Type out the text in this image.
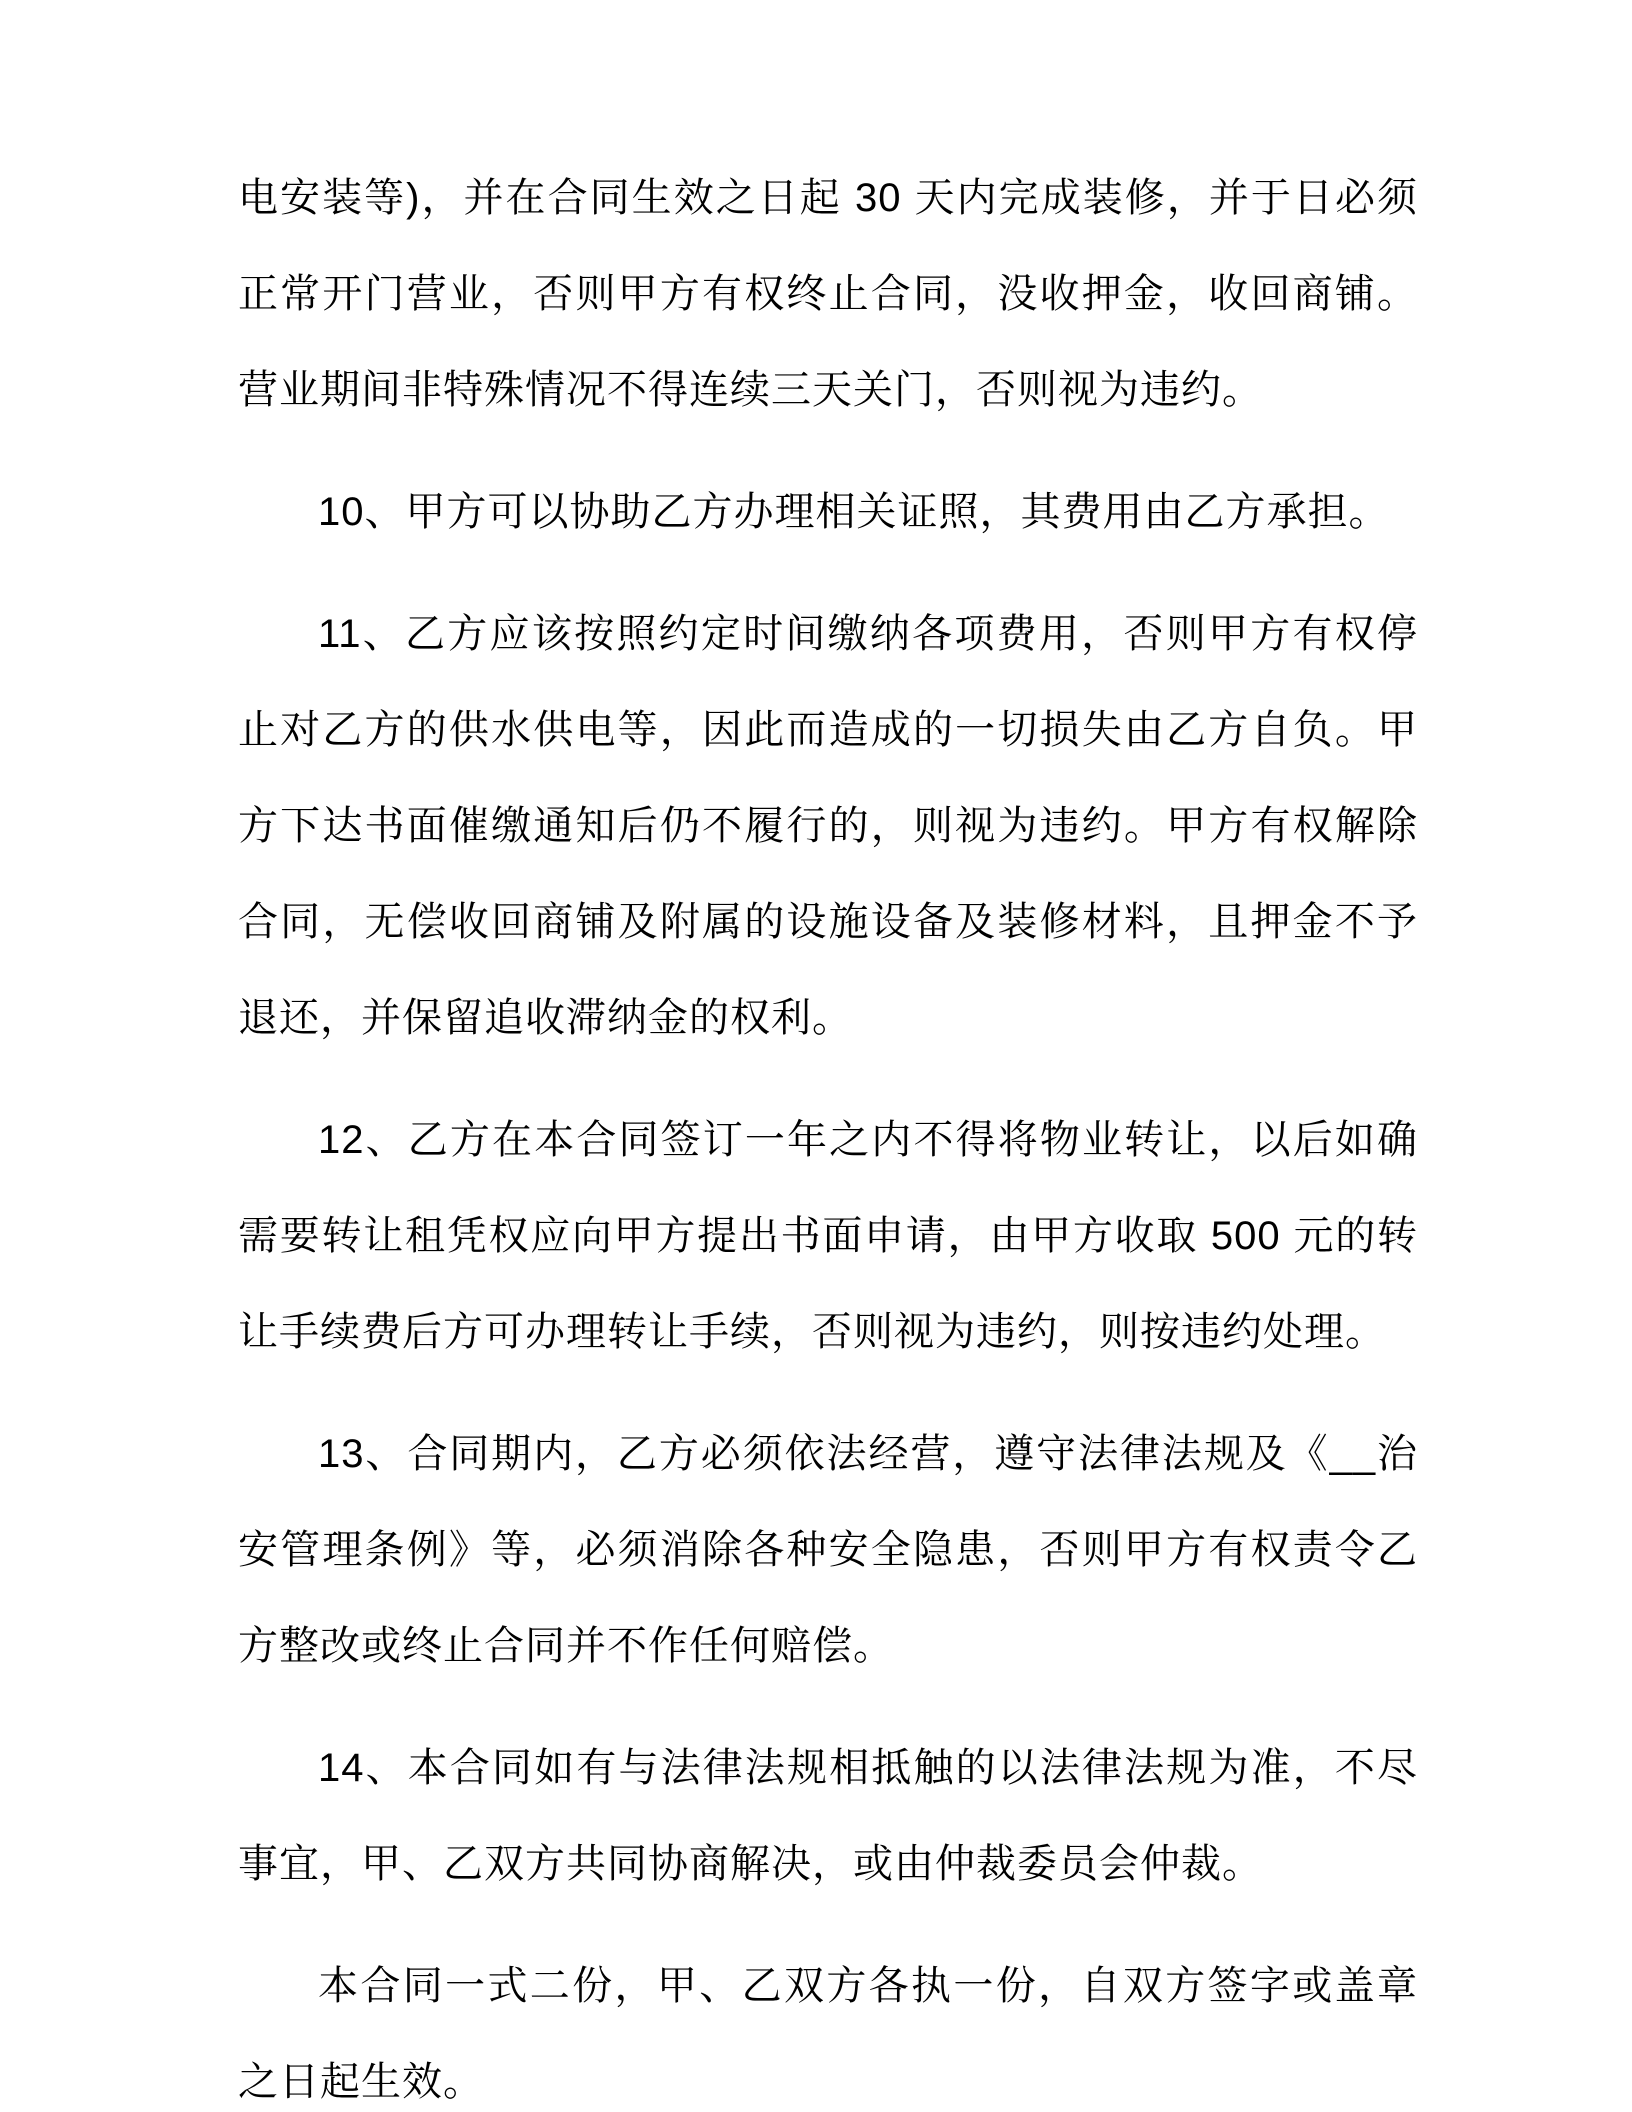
电安装等)，并在合同生效之日起 30 天内完成装修，并于日必须正常开门营业，否则甲方有权终止合同，没收押金，收回商铺。营业期间非特殊情况不得连续三天关门，否则视为违约。

10、甲方可以协助乙方办理相关证照，其费用由乙方承担。

11、乙方应该按照约定时间缴纳各项费用，否则甲方有权停止对乙方的供水供电等，因此而造成的一切损失由乙方自负。甲方下达书面催缴通知后仍不履行的，则视为违约。甲方有权解除合同，无偿收回商铺及附属的设施设备及装修材料，且押金不予退还，并保留追收滞纳金的权利。

12、乙方在本合同签订一年之内不得将物业转让，以后如确需要转让租凭权应向甲方提出书面申请，由甲方收取 500 元的转让手续费后方可办理转让手续，否则视为违约，则按违约处理。

13、合同期内，乙方必须依法经营，遵守法律法规及《__治安管理条例》等，必须消除各种安全隐患，否则甲方有权责令乙方整改或终止合同并不作任何赔偿。

14、本合同如有与法律法规相抵触的以法律法规为准，不尽事宜，甲、乙双方共同协商解决，或由仲裁委员会仲裁。

本合同一式二份，甲、乙双方各执一份，自双方签字或盖章之日起生效。
